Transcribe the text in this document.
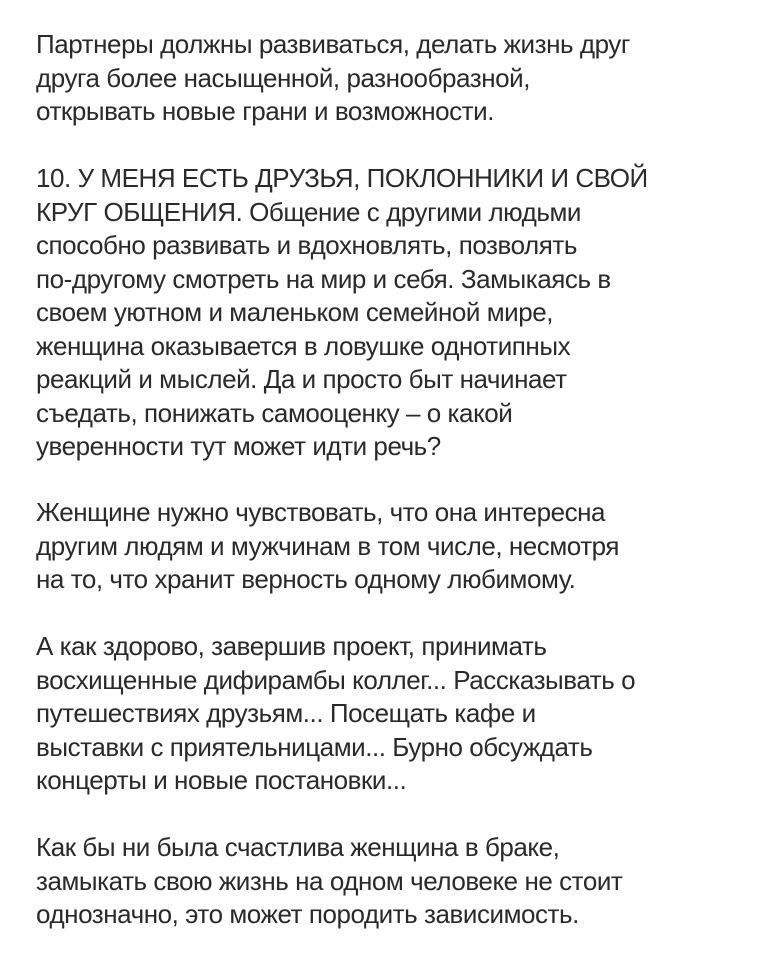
Партнеры должны развиваться, делать жизнь друг
друга более насыщенной, разнообразной,
открывать новые грани и возможности.
10. У МЕНЯ ЕСТЬ ДРУЗЬЯ, ПОКЛОННИКИ И СВОЙ
КРУГ ОБЩЕНИЯ. Общение с другими людьми
способно развивать и вдохновлять, позволять
по-другому смотреть на мир и себя. Замыкаясь в
своем уютном и маленьком семейной мире,
женщина оказывается в ловушке однотипных
реакций и мыслей. Да и просто быт начинает
съедать, понижать самооценку – о какой
уверенности тут может идти речь?
Женщине нужно чувствовать, что она интересна
другим людям и мужчинам в том числе, несмотря
на то, что хранит верность одному любимому.
А как здорово, завершив проект, принимать
восхищенные дифирамбы коллег... Рассказывать о
путешествиях друзьям... Посещать кафе и
выставки с приятельницами... Бурно обсуждать
концерты и новые постановки...
Как бы ни была счастлива женщина в браке,
замыкать свою жизнь на одном человеке не стоит
однозначно, это может породить зависимость.
